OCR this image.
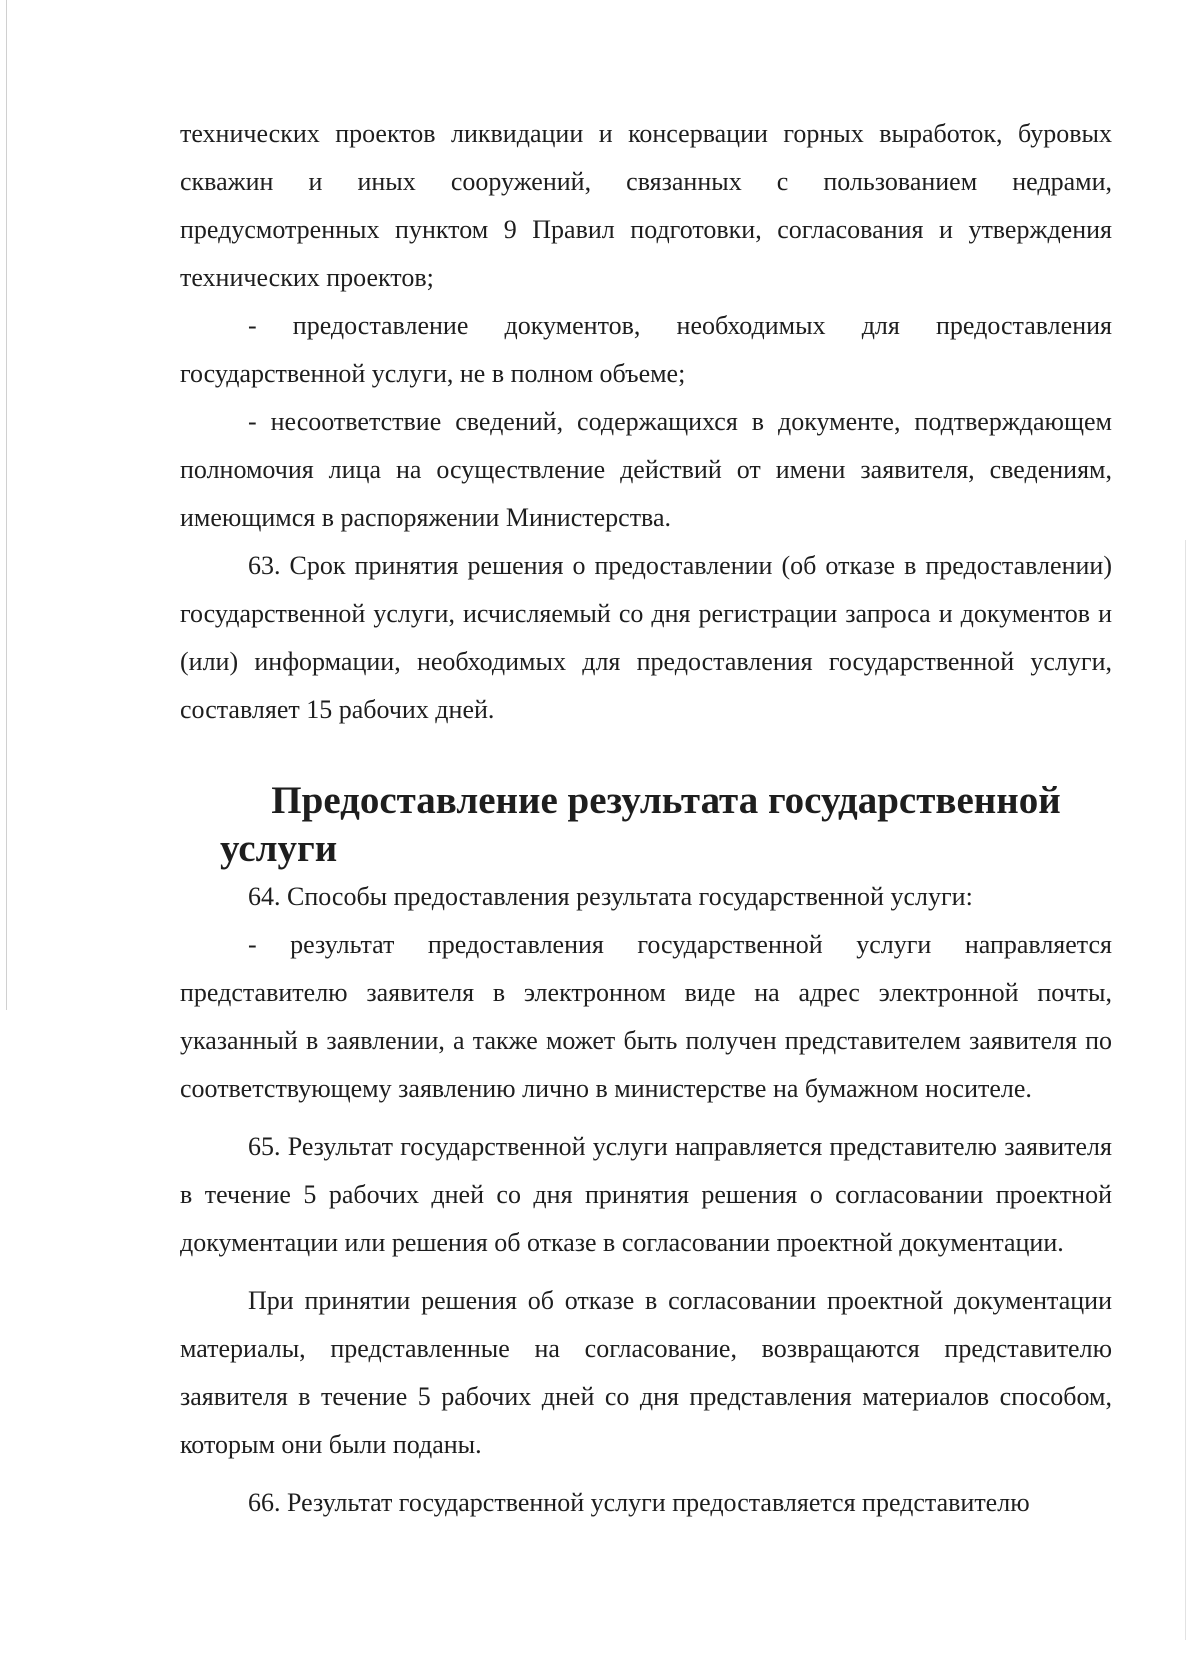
технических проектов ликвидации и консервации горных выработок, буровых скважин и иных сооружений, связанных с пользованием недрами, предусмотренных пунктом 9 Правил подготовки, согласования и утверждения технических проектов;

- предоставление документов, необходимых для предоставления государственной услуги, не в полном объеме;

- несоответствие сведений, содержащихся в документе, подтверждающем полномочия лица на осуществление действий от имени заявителя, сведениям, имеющимся в распоряжении Министерства.

63. Срок принятия решения о предоставлении (об отказе в предоставлении) государственной услуги, исчисляемый со дня регистрации запроса и документов и (или) информации, необходимых для предоставления государственной услуги, составляет 15 рабочих дней.

Предоставление результата государственной услуги

64. Способы предоставления результата государственной услуги:

- результат предоставления государственной услуги направляется представителю заявителя в электронном виде на адрес электронной почты, указанный в заявлении, а также может быть получен представителем заявителя по соответствующему заявлению лично в министерстве на бумажном носителе.

65. Результат государственной услуги направляется представителю заявителя в течение 5 рабочих дней со дня принятия решения о согласовании проектной документации или решения об отказе в согласовании проектной документации.

При принятии решения об отказе в согласовании проектной документации материалы, представленные на согласование, возвращаются представителю заявителя в течение 5 рабочих дней со дня представления материалов способом, которым они были поданы.

66. Результат государственной услуги предоставляется представителю
